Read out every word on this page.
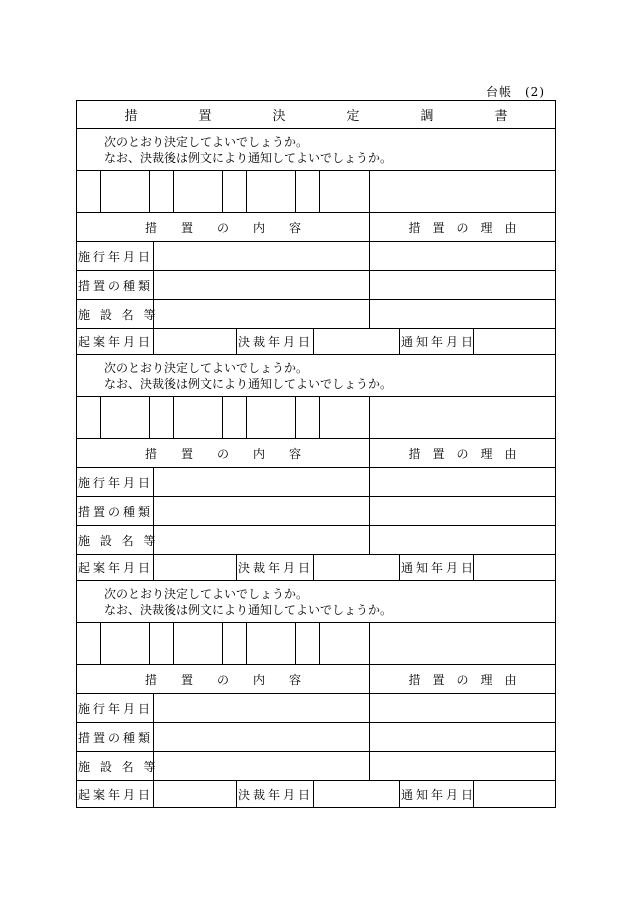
台帳　(2)
措　置　決　定　調　書
次のとおり決定してよいでしょうか。
なお、決裁後は例文により通知してよいでしょうか。
措置の内容	措置の理由
施行年月日
措置の種類
施 設 名 等
起案年月日	決裁年月日	通知年月日
次のとおり決定してよいでしょうか。
なお、決裁後は例文により通知してよいでしょうか。
措置の内容	措置の理由
施行年月日
措置の種類
施 設 名 等
起案年月日	決裁年月日	通知年月日
次のとおり決定してよいでしょうか。
なお、決裁後は例文により通知してよいでしょうか。
措置の内容	措置の理由
施行年月日
措置の種類
施 設 名 等
起案年月日	決裁年月日	通知年月日
